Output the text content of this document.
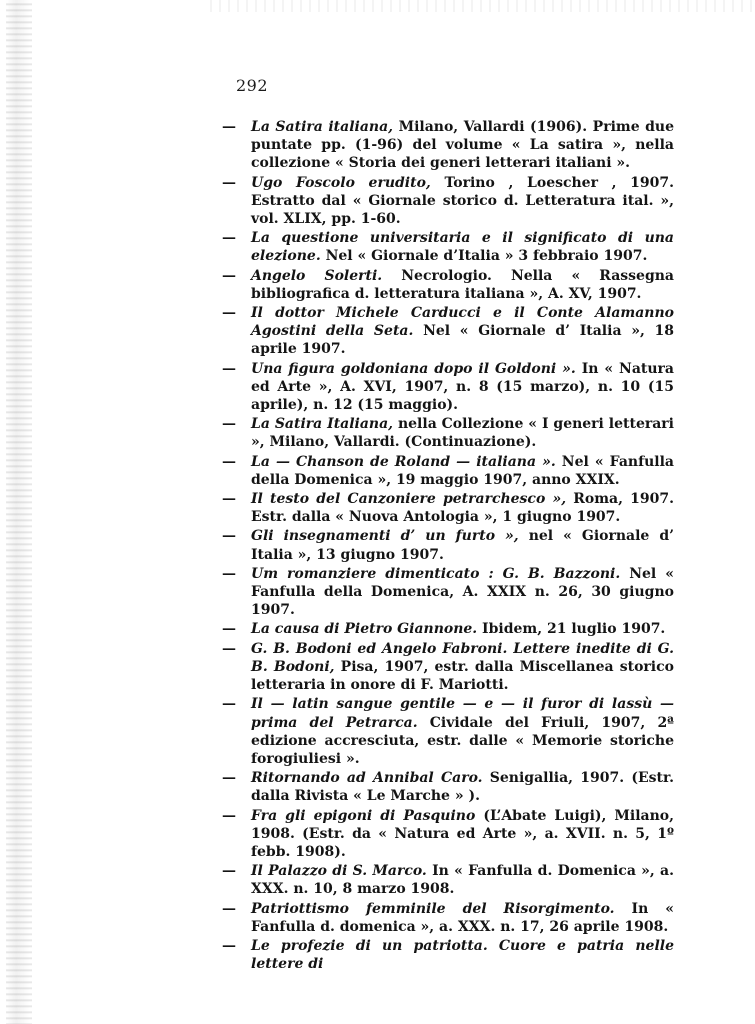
292
— La Satira italiana, Milano, Vallardi (1906). Prime due puntate pp. (1-96) del volume « La satira », nella collezione « Storia dei generi letterari italiani ».
— Ugo Foscolo erudito, Torino , Loescher , 1907. Estratto dal « Giornale storico d. Letteratura ital. », vol. XLIX, pp. 1-60.
— La questione universitaria e il significato di una elezione. Nel « Giornale d’Italia » 3 febbraio 1907.
— Angelo Solerti. Necrologio. Nella « Rassegna bibliografica d. letteratura italiana », A. XV, 1907.
— Il dottor Michele Carducci e il Conte Alamanno Agostini della Seta. Nel « Giornale d’ Italia », 18 aprile 1907.
— Una figura goldoniana dopo il Goldoni ». In « Natura ed Arte », A. XVI, 1907, n. 8 (15 marzo), n. 10 (15 aprile), n. 12 (15 maggio).
— La Satira Italiana, nella Collezione « I generi letterari », Milano, Vallardi. (Continuazione).
— La — Chanson de Roland — italiana ». Nel « Fanfulla della Domenica », 19 maggio 1907, anno XXIX.
— Il testo del Canzoniere petrarchesco », Roma, 1907. Estr. dalla « Nuova Antologia », 1 giugno 1907.
— Gli insegnamenti d’ un furto », nel « Giornale d’ Italia », 13 giugno 1907.
— Um romanziere dimenticato : G. B. Bazzoni. Nel « Fanfulla della Domenica, A. XXIX n. 26, 30 giugno 1907.
— La causa di Pietro Giannone. Ibidem, 21 luglio 1907.
— G. B. Bodoni ed Angelo Fabroni. Lettere inedite di G. B. Bodoni, Pisa, 1907, estr. dalla Miscellanea storico letteraria in onore di F. Mariotti.
— Il — latin sangue gentile — e — il furor di lassù — prima del Petrarca. Cividale del Friuli, 1907, 2ª edizione accresciuta, estr. dalle « Memorie storiche forogiuliesi ».
— Ritornando ad Annibal Caro. Senigallia, 1907. (Estr. dalla Rivista « Le Marche » ).
— Fra gli epigoni di Pasquino (L’Abate Luigi), Milano, 1908. (Estr. da « Natura ed Arte », a. XVII. n. 5, 1º febb. 1908).
— Il Palazzo di S. Marco. In « Fanfulla d. Domenica », a. XXX. n. 10, 8 marzo 1908.
— Patriottismo femminile del Risorgimento. In « Fanfulla d. domenica », a. XXX. n. 17, 26 aprile 1908.
— Le profezie di un patriotta. Cuore e patria nelle lettere di
